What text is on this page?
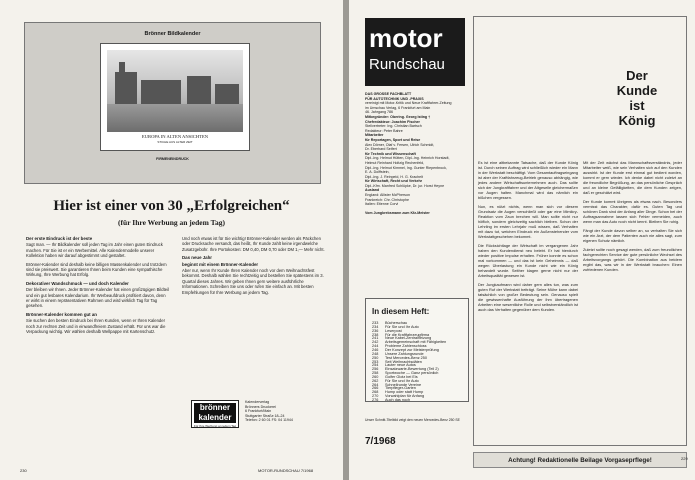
Brönner Bildkalender
EUROPA IN ALTEN ANSICHTEN
STICHE AUS ALTER ZEIT
FIRMENEINDRUCK
Hier ist einer von 30 „Erfolgreichen“
(für Ihre Werbung an jedem Tag)
Der erste Eindruck ist der beste

Sagt man. — Ihr Bildkalender soll jeden Tag im Jahr einen guten Eindruck machen. Für Sie ist er ein Werbemittel. Alle Kalendermodelle unserer Kollektion haben wir darauf abgestimmt und gestaltet.

Brönner-Kalender sind deshalb keine billigen Massenkalender und trotzdem sind sie preiswert. Sie garantieren Ihnen beim Kunden eine sympathische Wirkung, Ihre Werbung hat Erfolg.

Dekorativer Wandschmuck — und doch Kalender

Der bleiben wir Ihnen. Jeder Brönner-Kalender hat einen großzügigen Bildteil und ein gut lesbares Kalendarium. Ihr Werbeaufdruck profitiert davon, denn er wirkt in einem repräsentativen Rahmen und wird wirklich Tag für Tag gesehen.

Brönner-Kalender kommen gut an

Sie suchen den besten Eindruck bei Ihren Kunden, wenn er Ihren Kalender noch zur rechten Zeit und in einwandfreiem Zustand erhält. Für uns war die Verpackung wichtig. Wir wählen deshalb Wellpappe mit Kartenschutz.

Und noch etwas ist für Sie wichtig! Brönner-Kalender werden als Päckchen oder Drucksache versandt, das heißt, Ihr Kunde zahlt keine irgendwelche Zusatzgebühr. Ihre Portokosten: DM 0,40, DM 0,70 oder DM 1,— Mehr nicht.

Das neue Jahr
beginnt mit einem Brönner-Kalender

Aber nur, wenn Ihr Kunde Ihren Kalender noch vor dem Weihnachtsfest bekommt. Deshalb wählen Sie rechtzeitig und bestellen Sie spätestens im 3. Quartal dieses Jahres. Wir geben Ihnen gern weitere ausführliche Informationen. Schreiben Sie uns oder rufen Sie einfach an. Mit besten Empfehlungen für Ihre Werbung an jedem Tag.

brönner kalender
Für Ihre Werbung an jedem Tag
Kalenderverlag
Brönners Druckerei
6 Frankfurt/Main
Stuttgarter Straße 18–24
Telefon: 2 60 01 FS: 04 11944
230	MOTOR-RUNDSCHAU 7/1968
motor
Rundschau
DAS GROSSE FACHBLATT
FÜR AUTOTECHNIK UND -PRAXIS
vereinigt mit Motor-Kritik und Neue Kraftfahrer-Zeitung
im Umschau Verlag, 6 Frankfurt am Main
46. Jahrgang 786
Mitbegründer: Obering. Georg Isting †
Chefredakteur: Joachim Fischer
Stellvertreter: Ing. Christian Bartsch
Redakteur: Peter Bahre
Mitarbeiter
für Reportagen, Sport und Reise
Alex Dörner, Olaf v. Fersen, Ulrich Schmidt,
Dr. Eberhard Seifert
für Technik und Wissenschaft
Dipl.-Ing. Helmut Hütten, Dipl.-Ing. Heinrich Horstadt,
Helmut Reinhard Holtzig Rechenfeld,
Dipl.-Ing. Helmut Kimmel, Ing. Gunter Riepenbrock,
E. A. Dolffstein,
Dipl.-Ing. J. Reinpeld, H. G. Krachelt
für Wirtschaft, Recht und Verkehr
Dipl.-Kfm. Manfred Schlüpke, Dr. jur. Horst Heyne
Ausland
England: Allister McPherson
Frankreich: Chr. Christophe
Italien: Etienne Corvi

Vom Jungkrebsmann zum Kfz-Meister
In diesem Heft:
233 Bücherschau
234 Für Sie und Ihr Auto
236 Leserpost
238 Für die Kraftfahrzeugfirma
241 Neue Kabel-Zentralheizung
242 Arbeitsgemeinschaft mit Fähigkeiten
244 Probleme Zahlenschloss
246 Der Konzept zur Meisterprüfung
248 Unsere Zahlungsrunde
250 Test Mercedes-Benz 250
253 Seit Weihnachtsdäten
254 Lauter neue Autos
256 Einsatzwarte-Bewertung (Teil 2)
258 Sportwoche — Ganz persönlich
260 Golfer Glotz bei Eis
262 Für Sie und Ihr Auto
264 Schnellrunde Vereine
266 Tierpfleger-Garten
268 Hump oder statt Hump
270 Vorwahlplan für Anfang
276 Auch das noch
Unser Schnitt-Titelbild zeigt den neuen Mercedes-Benz 250 SE
7/1968
Der
Kunde
ist
König

Es ist eine altbekannte Tatsache, daß der Kunde König ist. Durch seinen Auftrag wird schließlich wieder ein Mann in der Werkstatt beschäftigt. Vom Gesamtauftragseingang ist aber der Kraftfahrzeug-Betrieb genauso abhängig, wie jedes andere Wirtschaftsunternehmen auch. Das sollte sich der Jungkraftfahrer und der Altgeselle gleichermaßen vor Augen halten. Manchmal wird das nämlich ein bißchen vergessen.

Nun, es nützt nichts, wenn man sich vor diesem Grundsatz die Augen verschließt oder gar eine Mimikry-Reaktion vom Zaun brechen will. Man sollte nicht nur höflich, sondern gleichzeitig sachlich bleiben. Schon der Lehrling im ersten Lehrjahr muß wissen, daß Verhalten mit dazu tut, welchen Eindruck ein Außenstehender vom Werkstattgeschehen bekommt.

Die Rücksichtlage der Wirtschaft im vergangenen Jahr haben den Kundendienst neu belebt. Er hat hierdurch wieder positive Impulse erhalten. Früher konnte es schon mal vorkommen — und das ist kein Geheimnis — daß wegen Überlastung ein Kunde nicht wie ein König behandelt wurde. Seither klagen gerne nicht nur der Arbeitsqualität gewesen ist.

Der Jungkaufmann wird daher gern alles tun, was zum guten Ruf der Werkstatt beiträgt. Seine Mühe kann dabei tatsächlich von großer Bedeutung sein. Genauso spielt die gewissenhafte Ausführung der ihm übertragenen Arbeiten eine wesentliche Rolle und selbstverständlich ist auch das Verhalten gegenüber dem Kunden.

Mit der Zeit wächst das Mannschaftsverständnis, jeder Mitarbeiter weiß, wie sein Verhalten sich auf den Kunden auswirkt. Ist der Kunde erst einmal gut bedient worden, kommt er gern wieder. Ich denke dabei nicht zuletzt an die freundliche Begrüßung, an das persönliche Gespräch und an kleine Gefälligkeiten, die dem Kunden zeigen, daß er geschätzt wird.

Der Kunde kommt übrigens als etwas nach. Besonders vermisst das Charakter, dafür es. Guten Tag und schönen Dank sind der Anfang aller Dinge. Schon bei der Auftragsannahme lassen sich Fehler vermeiden, auch wenn man das Auto noch nicht kennt. Bleiben Sie ruhig.

Fängt der Kunde davon selber an, so verhalten Sie sich wie ein Arzt, der dem Patienten auch nie alles sagt, zum eigenen Schutz nämlich.

Zuletzt sollte noch gesagt werden, daß zum freundlichen fachgerechten Service der gute persönliche Wechsel des Arbeitsvorgangs gehört. Die Kombination aus beidem ergibt das, was wir in der Werkstatt brauchen: Einen zufriedenen Kunden.

Achtung! Redaktionelle Beilage Vorgaseprflege!	229
